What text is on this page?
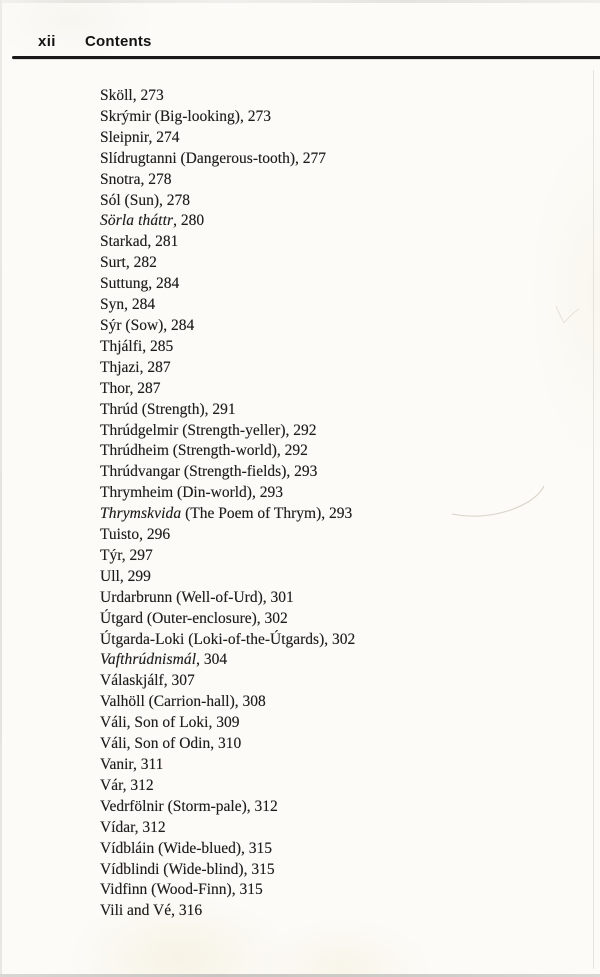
xii Contents
Sköll, 273
Skrýmir (Big-looking), 273
Sleipnir, 274
Slídrugtanni (Dangerous-tooth), 277
Snotra, 278
Sól (Sun), 278
Sörla tháttr, 280
Starkad, 281
Surt, 282
Suttung, 284
Syn, 284
Sýr (Sow), 284
Thjálfi, 285
Thjazi, 287
Thor, 287
Thrúd (Strength), 291
Thrúdgelmir (Strength-yeller), 292
Thrúdheim (Strength-world), 292
Thrúdvangar (Strength-fields), 293
Thrymheim (Din-world), 293
Thrymskvida (The Poem of Thrym), 293
Tuisto, 296
Týr, 297
Ull, 299
Urdarbrunn (Well-of-Urd), 301
Útgard (Outer-enclosure), 302
Útgarda-Loki (Loki-of-the-Útgards), 302
Vafthrúdnismál, 304
Válaskjálf, 307
Valhöll (Carrion-hall), 308
Váli, Son of Loki, 309
Váli, Son of Odin, 310
Vanir, 311
Vár, 312
Vedrfölnir (Storm-pale), 312
Vídar, 312
Vídbláin (Wide-blued), 315
Vídblindi (Wide-blind), 315
Vidfinn (Wood-Finn), 315
Vili and Vé, 316
